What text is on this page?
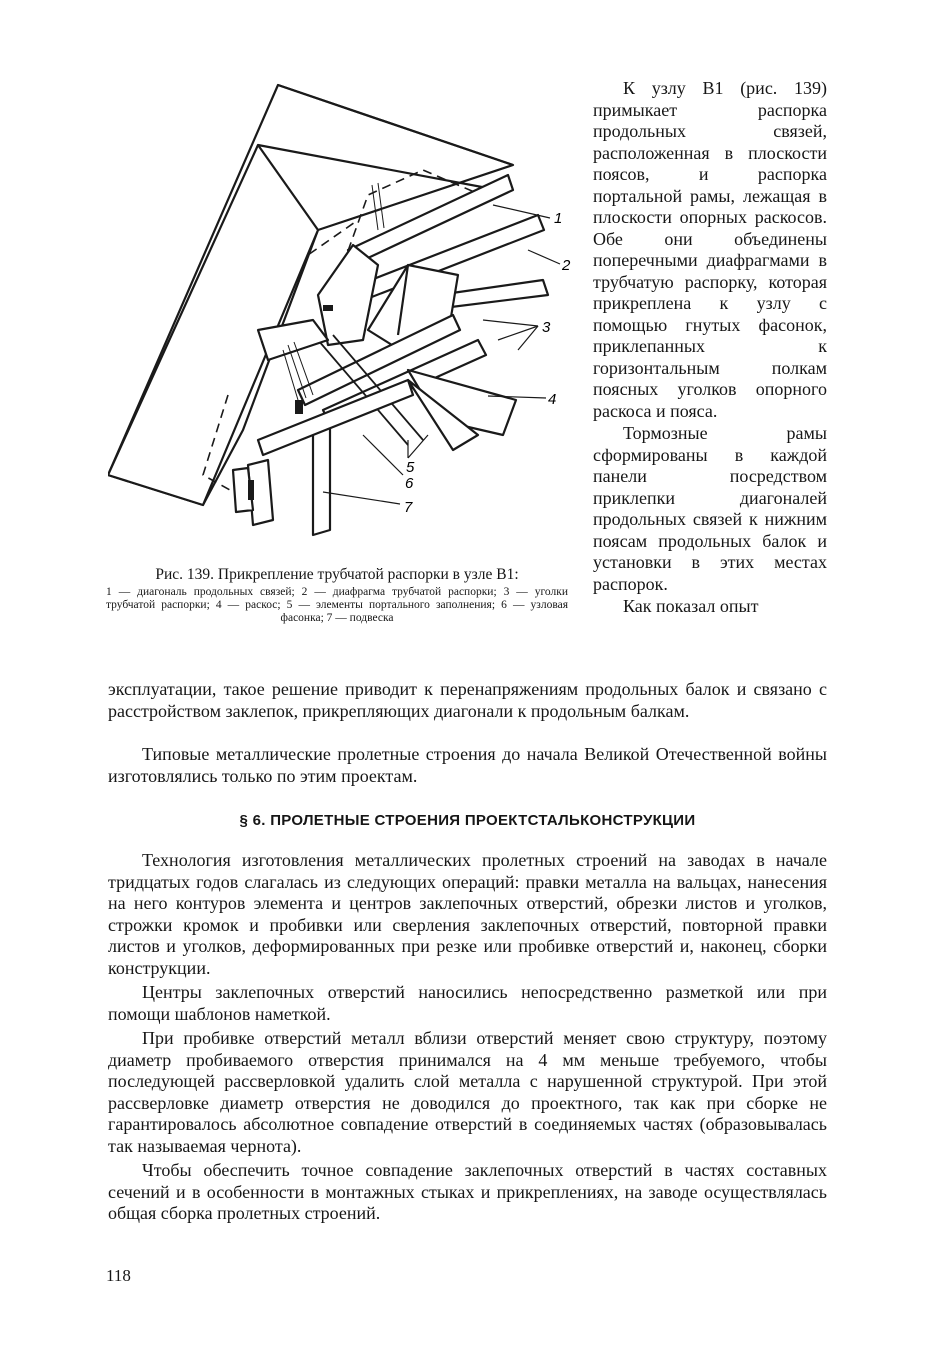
1
2
3
4
5
6
7

Рис. 139. Прикрепление трубчатой распорки в узле B1:

1 — диагональ продольных связей; 2 — диафрагма трубчатой распорки; 3 — уголки трубчатой распорки; 4 — раскос; 5 — элементы портального заполнения; 6 — узловая фасонка; 7 — подвеска

К узлу B1 (рис. 139) примыкает распорка продольных связей, расположенная в плоскости поясов, и распорка портальной рамы, лежащая в плоскости опорных раскосов. Обе они объединены поперечными диафрагмами в трубчатую распорку, которая прикреплена к узлу с помощью гнутых фасонок, приклепанных к горизонтальным полкам поясных уголков опорного раскоса и пояса.

Тормозные рамы сформированы в каждой панели посредством приклепки диагоналей продольных связей к нижним поясам продольных балок и установки в этих местах распорок.

Как показал опыт

эксплуатации, такое решение приводит к перенапряжениям продольных балок и связано с расстройством заклепок, прикрепляющих диагонали к продольным балкам.

Типовые металлические пролетные строения до начала Великой Отечественной войны изготовлялись только по этим проектам.

§ 6. ПРОЛЕТНЫЕ СТРОЕНИЯ ПРОЕКТСТАЛЬКОНСТРУКЦИИ

Технология изготовления металлических пролетных строений на заводах в начале тридцатых годов слагалась из следующих операций: правки металла на вальцах, нанесения на него контуров элемента и центров заклепочных отверстий, обрезки листов и уголков, строжки кромок и пробивки или сверления заклепочных отверстий, повторной правки листов и уголков, деформированных при резке или пробивке отверстий и, наконец, сборки конструкции.

Центры заклепочных отверстий наносились непосредственно разметкой или при помощи шаблонов наметкой.

При пробивке отверстий металл вблизи отверстий меняет свою структуру, поэтому диаметр пробиваемого отверстия принимался на 4 мм меньше требуемого, чтобы последующей рассверловкой удалить слой металла с нарушенной структурой. При этой рассверловке диаметр отверстия не доводился до проектного, так как при сборке не гарантировалось абсолютное совпадение отверстий в соединяемых частях (образовывалась так называемая чернота).

Чтобы обеспечить точное совпадение заклепочных отверстий в частях составных сечений и в особенности в монтажных стыках и прикреплениях, на заводе осуществлялась общая сборка пролетных строений.

118
